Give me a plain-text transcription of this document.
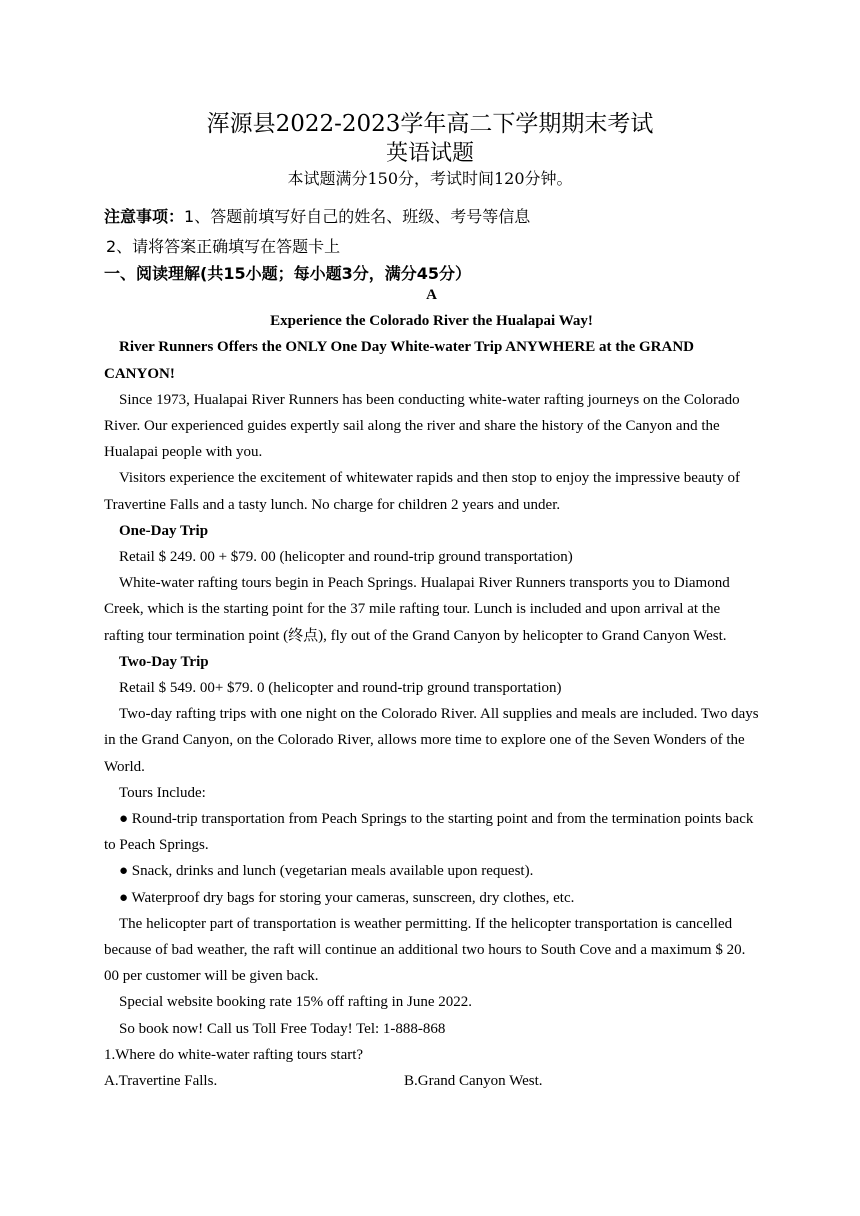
浑源县2022-2023学年高二下学期期末考试
英语试题
本试题满分150分，考试时间120分钟。
注意事项：1、答题前填写好自己的姓名、班级、考号等信息
2、请将答案正确填写在答题卡上
一、阅读理解(共15小题；每小题3分，满分45分）

A

Experience the Colorado River the Hualapai Way!

River Runners Offers the ONLY One Day White-water Trip ANYWHERE at the GRAND CANYON!

Since 1973, Hualapai River Runners has been conducting white-water rafting journeys on the Colorado River. Our experienced guides expertly sail along the river and share the history of the Canyon and the Hualapai people with you.

Visitors experience the excitement of whitewater rapids and then stop to enjoy the impressive beauty of Travertine Falls and a tasty lunch. No charge for children 2 years and under.

One-Day Trip

Retail $ 249. 00 + $79. 00 (helicopter and round-trip ground transportation)

White-water rafting tours begin in Peach Springs. Hualapai River Runners transports you to Diamond Creek, which is the starting point for the 37 mile rafting tour. Lunch is included and upon arrival at the rafting tour termination point (终点), fly out of the Grand Canyon by helicopter to Grand Canyon West.

Two-Day Trip

Retail $ 549. 00+ $79. 0 (helicopter and round-trip ground transportation)

Two-day rafting trips with one night on the Colorado River. All supplies and meals are included. Two days in the Grand Canyon, on the Colorado River, allows more time to explore one of the Seven Wonders of the World.

Tours Include:

● Round-trip transportation from Peach Springs to the starting point and from the termination points back to Peach Springs.

● Snack, drinks and lunch (vegetarian meals available upon request).

● Waterproof dry bags for storing your cameras, sunscreen, dry clothes, etc.

The helicopter part of transportation is weather permitting. If the helicopter transportation is cancelled because of bad weather, the raft will continue an additional two hours to South Cove and a maximum $ 20. 00 per customer will be given back.

Special website booking rate 15% off rafting in June 2022.

So book now! Call us Toll Free Today! Tel: 1-888-868

1.Where do white-water rafting tours start?

A.Travertine Falls.	B.Grand Canyon West.
